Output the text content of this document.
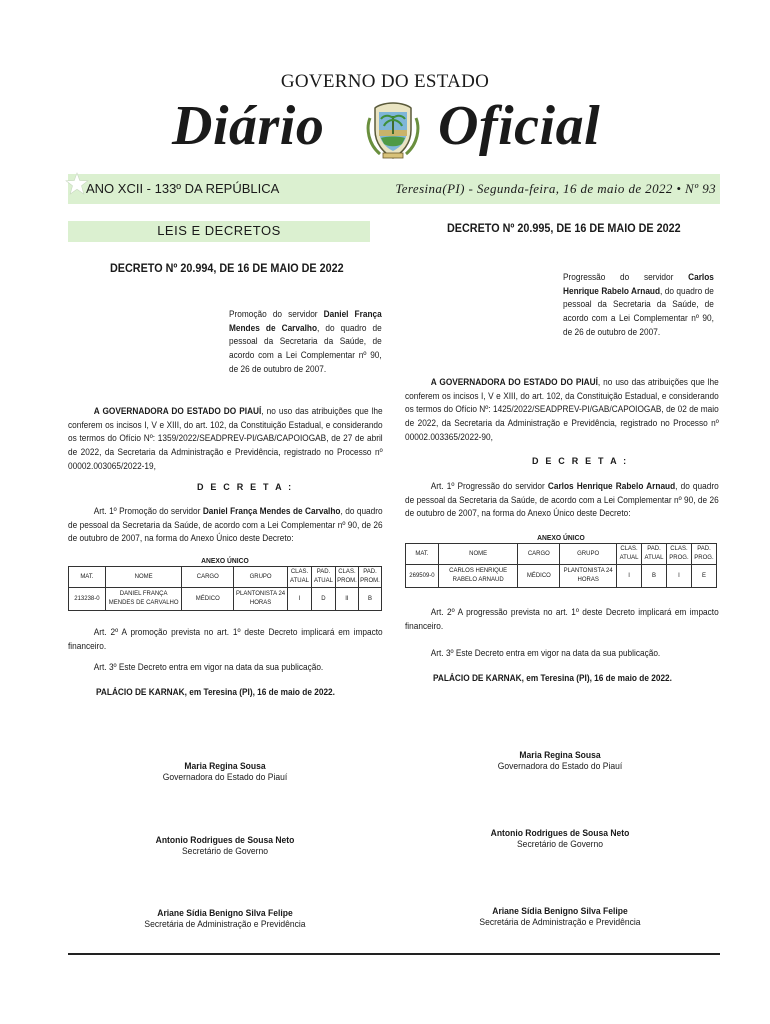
GOVERNO DO ESTADO
Diário Oficial
ANO XCII - 133º DA REPÚBLICA	Teresina(PI) - Segunda-feira, 16 de maio de 2022 • Nº 93
LEIS E DECRETOS
DECRETO Nº 20.994, DE 16 DE MAIO DE 2022
Promoção do servidor Daniel França Mendes de Carvalho, do quadro de pessoal da Secretaria da Saúde, de acordo com a Lei Complementar nº 90, de 26 de outubro de 2007.
A GOVERNADORA DO ESTADO DO PIAUÍ, no uso das atribuições que lhe conferem os incisos I, V e XIII, do art. 102, da Constituição Estadual, e considerando os termos do Ofício Nº: 1359/2022/SEADPREV-PI/GAB/CAPOIOGAB, de 27 de abril de 2022, da Secretaria da Administração e Previdência, registrado no Processo nº 00002.003065/2022-19,
D E C R E T A :
Art. 1º Promoção do servidor Daniel França Mendes de Carvalho, do quadro de pessoal da Secretaria da Saúde, de acordo com a Lei Complementar nº 90, de 26 de outubro de 2007, na forma do Anexo Único deste Decreto:
ANEXO ÚNICO
MAT.	NOME	CARGO	GRUPO	CLAS. ATUAL	PAD. ATUAL	CLAS. PROM.	PAD. PROM.
213238-0	DANIEL FRANÇA MENDES DE CARVALHO	MÉDICO	PLANTONISTA 24 HORAS	I	D	II	B
Art. 2º A promoção prevista no art. 1º deste Decreto implicará em impacto financeiro.
Art. 3º Este Decreto entra em vigor na data da sua publicação.
PALÁCIO DE KARNAK, em Teresina (PI), 16 de maio de 2022.
Maria Regina Sousa
Governadora do Estado do Piauí
Antonio Rodrigues de Sousa Neto
Secretário de Governo
Ariane Sídia Benigno Silva Felipe
Secretária de Administração e Previdência
DECRETO Nº 20.995, DE 16 DE MAIO DE 2022
Progressão do servidor Carlos Henrique Rabelo Arnaud, do quadro de pessoal da Secretaria da Saúde, de acordo com a Lei Complementar nº 90, de 26 de outubro de 2007.
A GOVERNADORA DO ESTADO DO PIAUÍ, no uso das atribuições que lhe conferem os incisos I, V e XIII, do art. 102, da Constituição Estadual, e considerando os termos do Ofício Nº: 1425/2022/SEADPREV-PI/GAB/CAPOIOGAB, de 02 de maio de 2022, da Secretaria da Administração e Previdência, registrado no Processo nº 00002.003365/2022-90,
D E C R E T A :
Art. 1º Progressão do servidor Carlos Henrique Rabelo Arnaud, do quadro de pessoal da Secretaria da Saúde, de acordo com a Lei Complementar nº 90, de 26 de outubro de 2007, na forma do Anexo Único deste Decreto:
ANEXO ÚNICO
MAT.	NOME	CARGO	GRUPO	CLAS. ATUAL	PAD. ATUAL	CLAS. PROG.	PAD. PROG.
269509-0	CARLOS HENRIQUE RABELO ARNAUD	MÉDICO	PLANTONISTA 24 HORAS	I	B	I	E
Art. 2º A progressão prevista no art. 1º deste Decreto implicará em impacto financeiro.
Art. 3º Este Decreto entra em vigor na data da sua publicação.
PALÁCIO DE KARNAK, em Teresina (PI), 16 de maio de 2022.
Maria Regina Sousa
Governadora do Estado do Piauí
Antonio Rodrigues de Sousa Neto
Secretário de Governo
Ariane Sídia Benigno Silva Felipe
Secretária de Administração e Previdência
